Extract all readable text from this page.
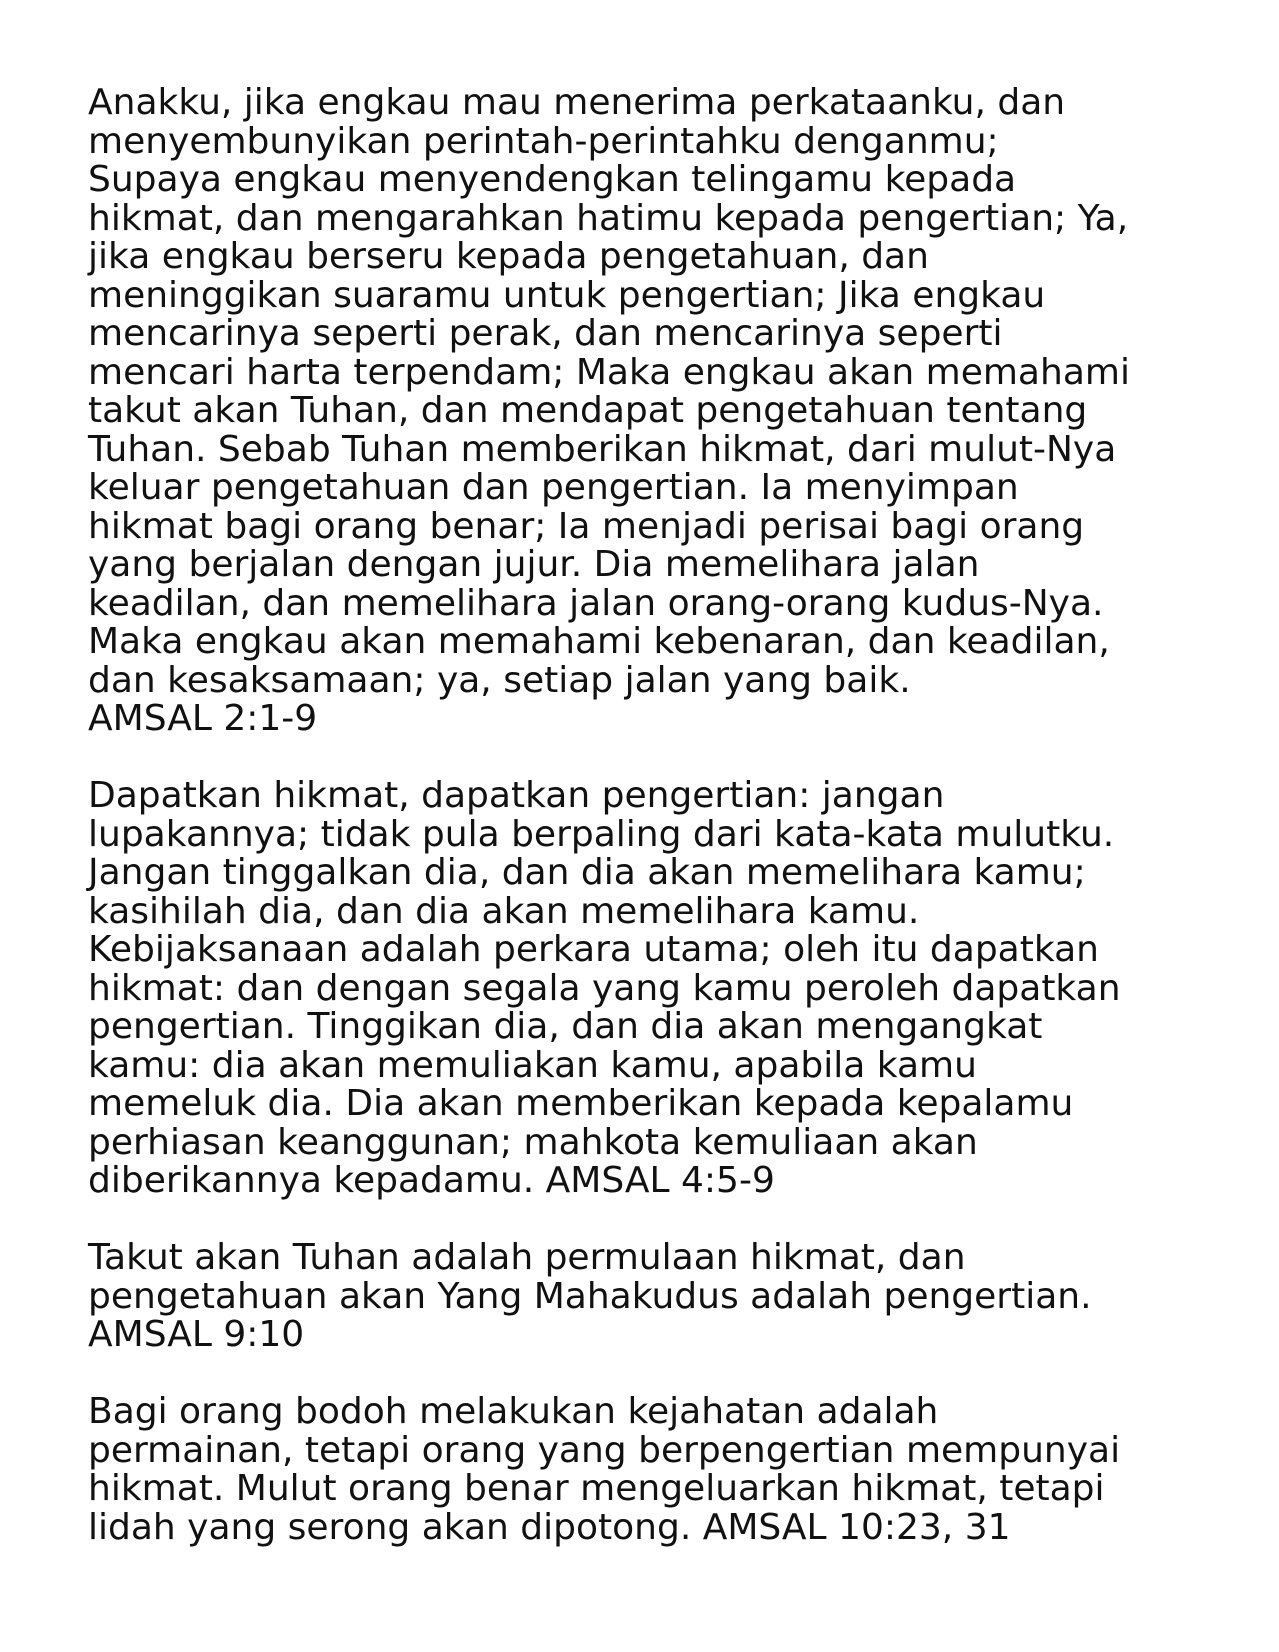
Anakku, jika engkau mau menerima perkataanku, dan
menyembunyikan perintah-perintahku denganmu;
Supaya engkau menyendengkan telingamu kepada
hikmat, dan mengarahkan hatimu kepada pengertian; Ya,
jika engkau berseru kepada pengetahuan, dan
meninggikan suaramu untuk pengertian; Jika engkau
mencarinya seperti perak, dan mencarinya seperti
mencari harta terpendam; Maka engkau akan memahami
takut akan Tuhan, dan mendapat pengetahuan tentang
Tuhan. Sebab Tuhan memberikan hikmat, dari mulut-Nya
keluar pengetahuan dan pengertian. Ia menyimpan
hikmat bagi orang benar; Ia menjadi perisai bagi orang
yang berjalan dengan jujur. Dia memelihara jalan
keadilan, dan memelihara jalan orang-orang kudus-Nya.
Maka engkau akan memahami kebenaran, dan keadilan,
dan kesaksamaan; ya, setiap jalan yang baik.
AMSAL 2:1-9
Dapatkan hikmat, dapatkan pengertian: jangan
lupakannya; tidak pula berpaling dari kata-kata mulutku.
Jangan tinggalkan dia, dan dia akan memelihara kamu;
kasihilah dia, dan dia akan memelihara kamu.
Kebijaksanaan adalah perkara utama; oleh itu dapatkan
hikmat: dan dengan segala yang kamu peroleh dapatkan
pengertian. Tinggikan dia, dan dia akan mengangkat
kamu: dia akan memuliakan kamu, apabila kamu
memeluk dia. Dia akan memberikan kepada kepalamu
perhiasan keanggunan; mahkota kemuliaan akan
diberikannya kepadamu. AMSAL 4:5-9
Takut akan Tuhan adalah permulaan hikmat, dan
pengetahuan akan Yang Mahakudus adalah pengertian.
AMSAL 9:10
Bagi orang bodoh melakukan kejahatan adalah
permainan, tetapi orang yang berpengertian mempunyai
hikmat. Mulut orang benar mengeluarkan hikmat, tetapi
lidah yang serong akan dipotong. AMSAL 10:23, 31
